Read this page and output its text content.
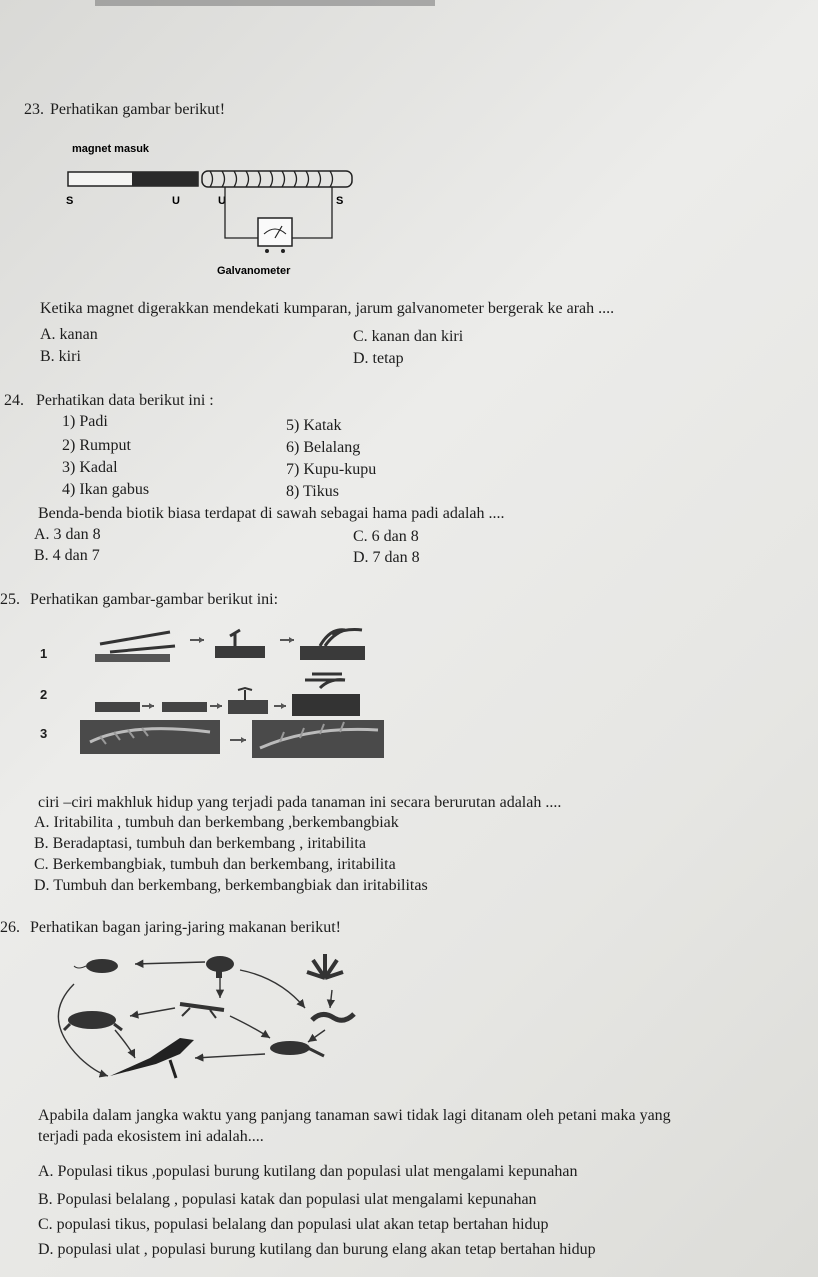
23. Perhatikan gambar berikut!
magnet masuk
S	U	U	S
Galvanometer
Ketika magnet digerakkan mendekati kumparan, jarum galvanometer bergerak ke arah ....
A. kanan	C. kanan dan kiri
B. kiri	D. tetap
24. Perhatikan data berikut ini :
1) Padi
2) Rumput
3) Kadal
4) Ikan gabus
5) Katak
6) Belalang
7) Kupu-kupu
8) Tikus
Benda-benda biotik biasa terdapat di sawah sebagai hama padi adalah ....
A. 3 dan 8	C. 6 dan 8
B. 4 dan 7	D. 7 dan 8
25. Perhatikan gambar-gambar berikut ini:
1
2
3
ciri –ciri makhluk hidup yang terjadi pada tanaman ini secara berurutan adalah ....
A. Iritabilita , tumbuh dan berkembang ,berkembangbiak
B. Beradaptasi, tumbuh dan berkembang , iritabilita
C. Berkembangbiak, tumbuh dan berkembang, iritabilita
D. Tumbuh dan berkembang, berkembangbiak dan iritabilitas
26. Perhatikan bagan jaring-jaring makanan berikut!
Apabila dalam jangka waktu yang panjang tanaman sawi tidak lagi ditanam oleh petani maka yang
terjadi pada ekosistem ini adalah....
A. Populasi tikus ,populasi burung kutilang dan populasi ulat mengalami kepunahan
B. Populasi belalang , populasi katak dan populasi ulat mengalami kepunahan
C. populasi tikus, populasi belalang dan populasi ulat akan tetap bertahan hidup
D. populasi ulat , populasi burung kutilang dan burung elang akan tetap bertahan hidup
